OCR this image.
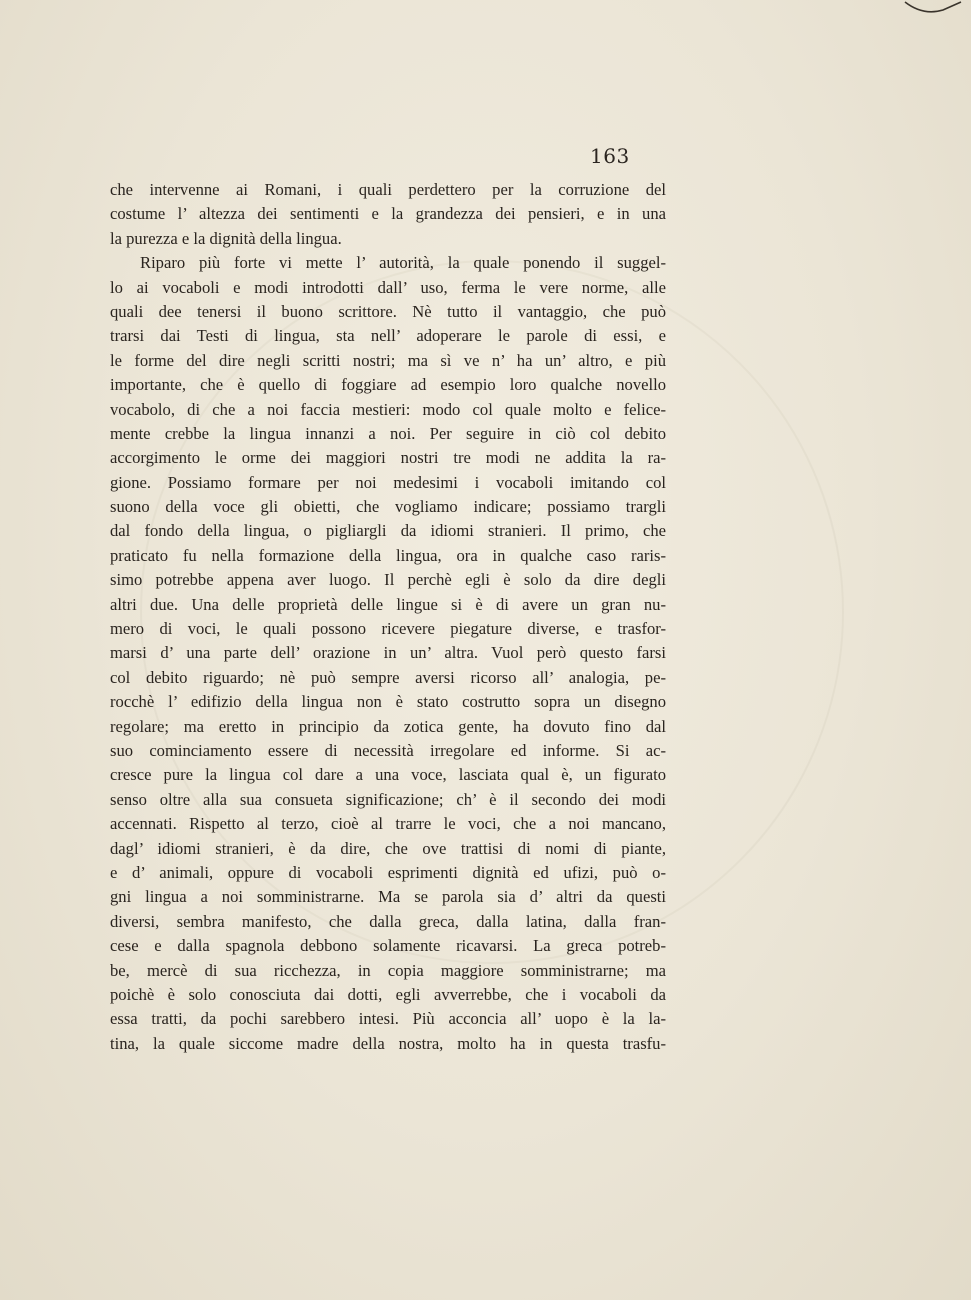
163
che intervenne ai Romani, i quali perdettero per la corruzione del
costume l’ altezza dei sentimenti e la grandezza dei pensieri, e in una
la purezza e la dignità della lingua.
Riparo più forte vi mette l’ autorità, la quale ponendo il suggel-
lo ai vocaboli e modi introdotti dall’ uso, ferma le vere norme, alle
quali dee tenersi il buono scrittore. Nè tutto il vantaggio, che può
trarsi dai Testi di lingua, sta nell’ adoperare le parole di essi, e
le forme del dire negli scritti nostri; ma sì ve n’ ha un’ altro, e più
importante, che è quello di foggiare ad esempio loro qualche novello
vocabolo, di che a noi faccia mestieri: modo col quale molto e felice-
mente crebbe la lingua innanzi a noi. Per seguire in ciò col debito
accorgimento le orme dei maggiori nostri tre modi ne addita la ra-
gione. Possiamo formare per noi medesimi i vocaboli imitando col
suono della voce gli obietti, che vogliamo indicare; possiamo trargli
dal fondo della lingua, o pigliargli da idiomi stranieri. Il primo, che
praticato fu nella formazione della lingua, ora in qualche caso raris-
simo potrebbe appena aver luogo. Il perchè egli è solo da dire degli
altri due. Una delle proprietà delle lingue si è di avere un gran nu-
mero di voci, le quali possono ricevere piegature diverse, e trasfor-
marsi d’ una parte dell’ orazione in un’ altra. Vuol però questo farsi
col debito riguardo; nè può sempre aversi ricorso all’ analogia, pe-
rocchè l’ edifizio della lingua non è stato costrutto sopra un disegno
regolare; ma eretto in principio da zotica gente, ha dovuto fino dal
suo cominciamento essere di necessità irregolare ed informe. Si ac-
cresce pure la lingua col dare a una voce, lasciata qual è, un figurato
senso oltre alla sua consueta significazione; ch’ è il secondo dei modi
accennati. Rispetto al terzo, cioè al trarre le voci, che a noi mancano,
dagl’ idiomi stranieri, è da dire, che ove trattisi di nomi di piante,
e d’ animali, oppure di vocaboli esprimenti dignità ed ufizi, può o-
gni lingua a noi somministrarne. Ma se parola sia d’ altri da questi
diversi, sembra manifesto, che dalla greca, dalla latina, dalla fran-
cese e dalla spagnola debbono solamente ricavarsi. La greca potreb-
be, mercè di sua ricchezza, in copia maggiore somministrarne; ma
poichè è solo conosciuta dai dotti, egli avverrebbe, che i vocaboli da
essa tratti, da pochi sarebbero intesi. Più acconcia all’ uopo è la la-
tina, la quale siccome madre della nostra, molto ha in questa trasfu-
